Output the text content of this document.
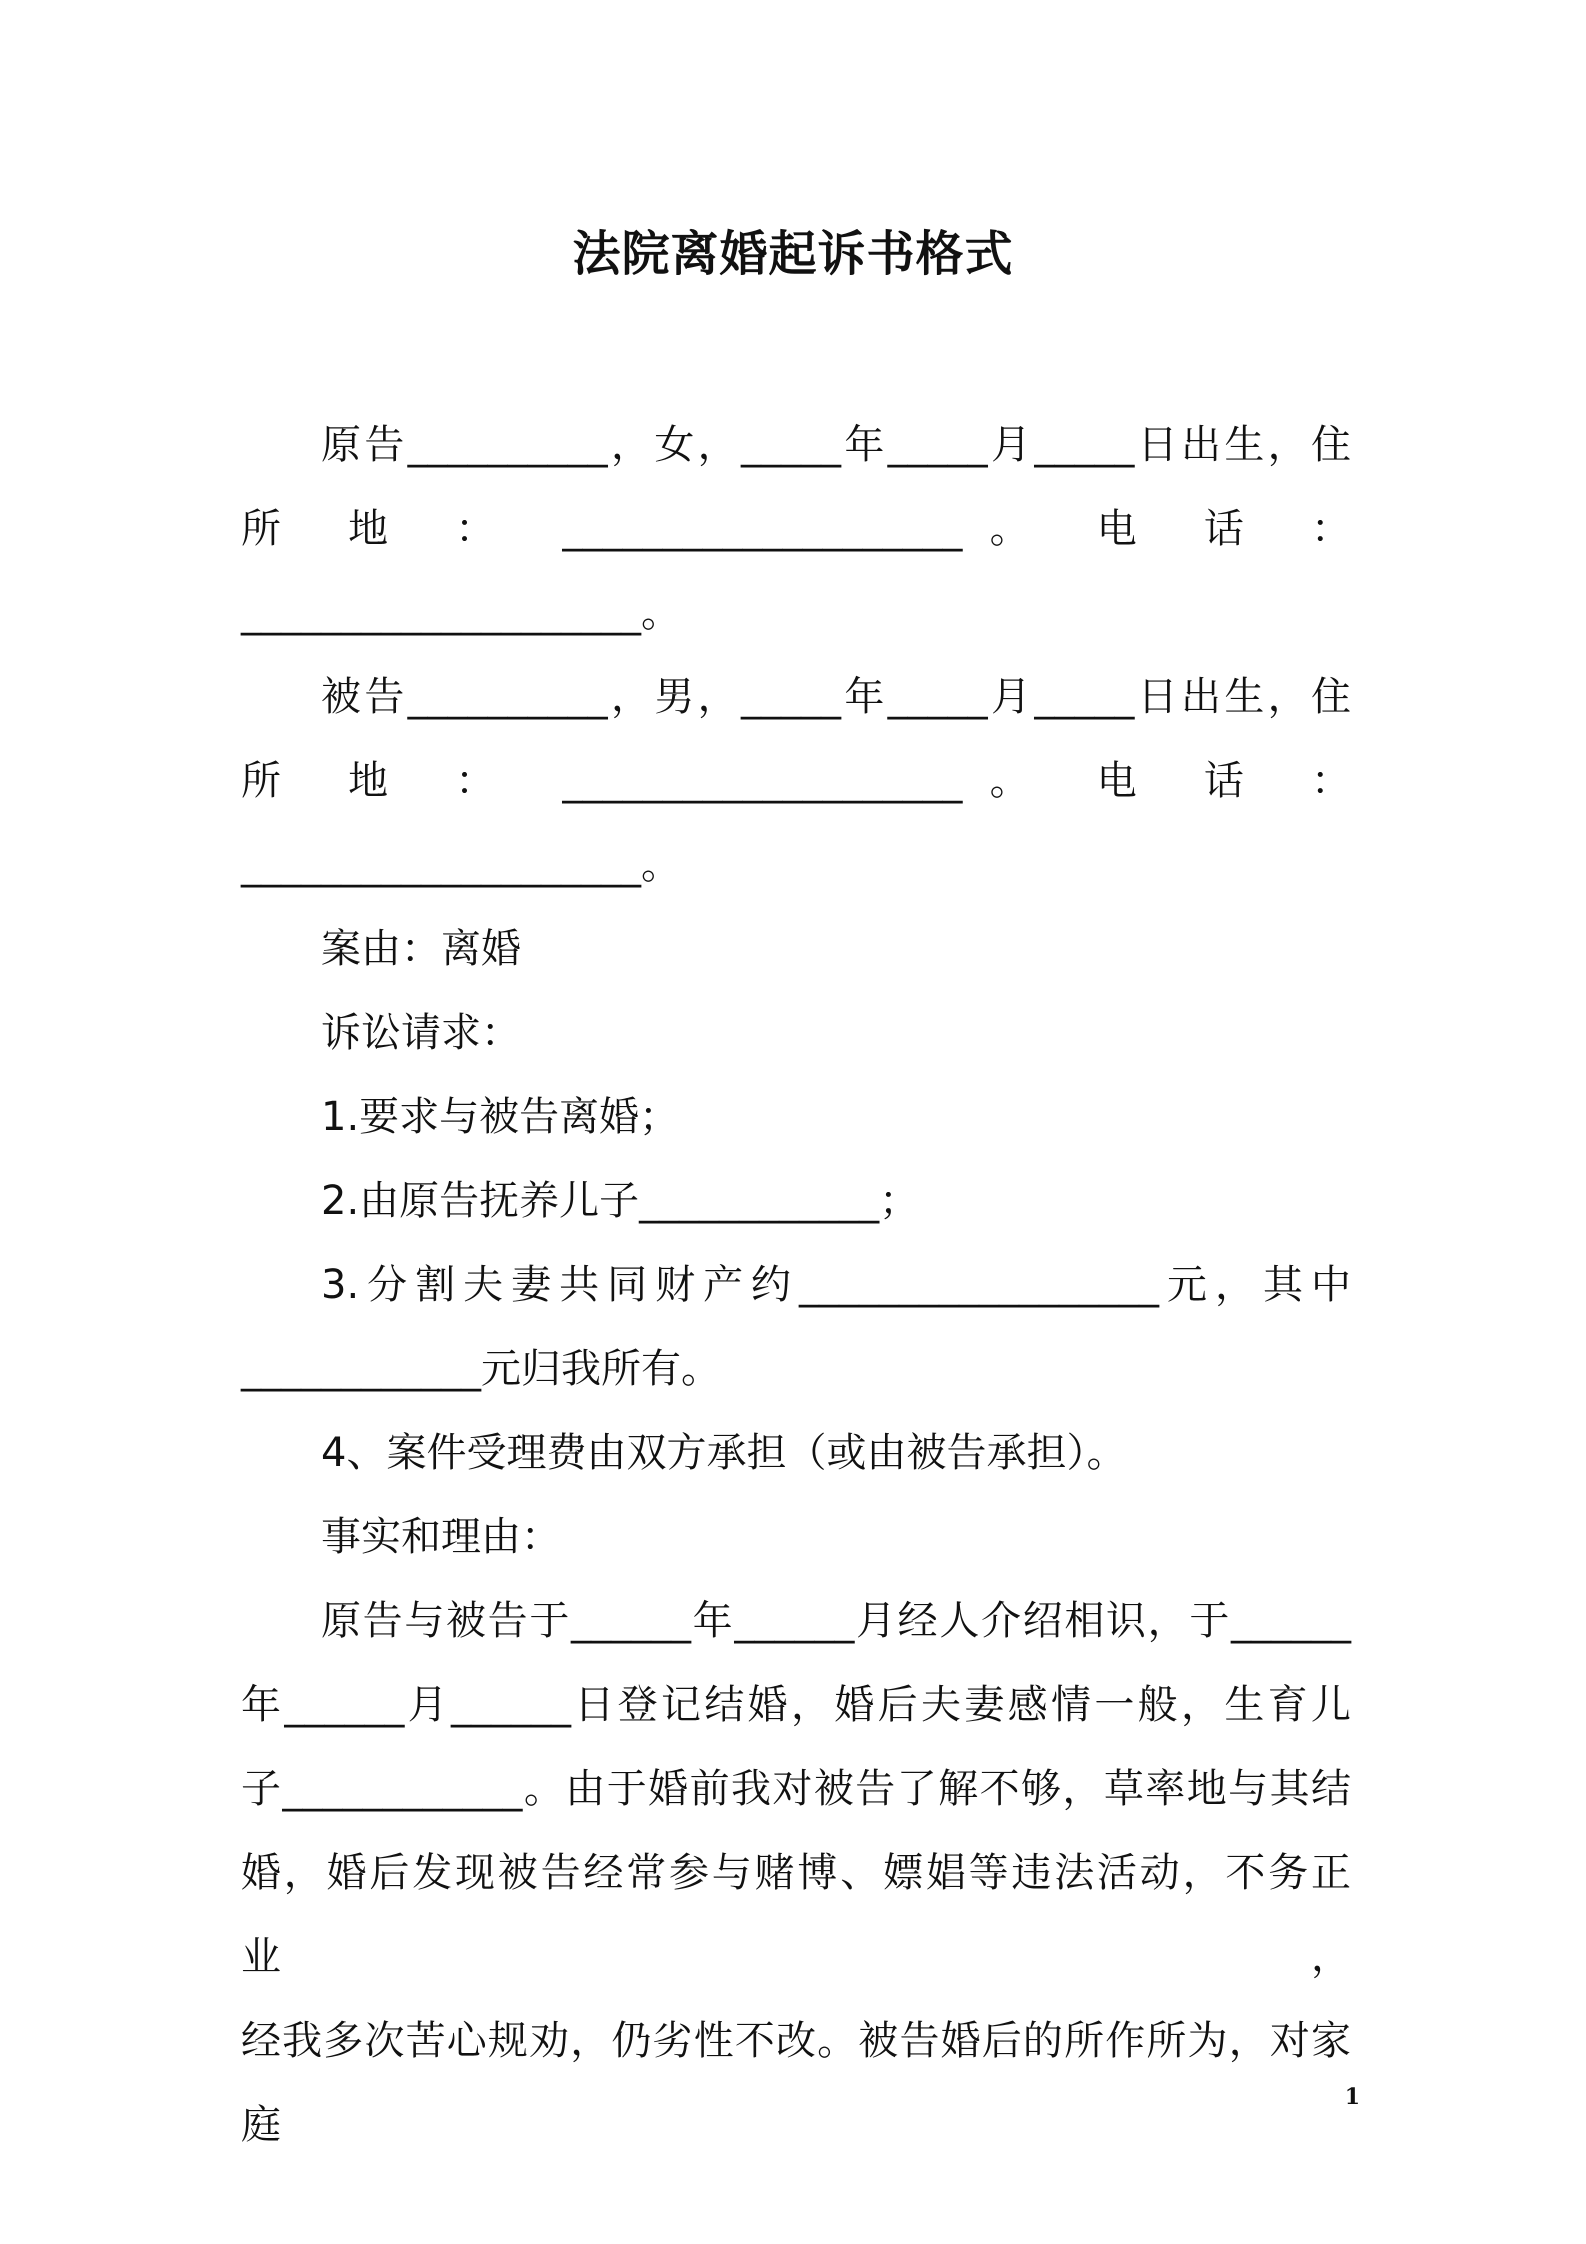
法院离婚起诉书格式

原告__________，女，_____年_____月_____日出生，住

所 地 ： ____________________。 电 话 ：

____________________。

被告__________，男，_____年_____月_____日出生，住

所 地 ： ____________________。 电 话 ：

____________________。

案由：离婚

诉讼请求：

1.要求与被告离婚；

2.由原告抚养儿子____________；

3.分割夫妻共同财产约__________________元，其中

____________元归我所有。

4、案件受理费由双方承担（或由被告承担）。

事实和理由：

原告与被告于______年______月经人介绍相识，于______

年______月______日登记结婚，婚后夫妻感情一般，生育儿

子____________。由于婚前我对被告了解不够，草率地与其结

婚，婚后发现被告经常参与赌博、嫖娼等违法活动，不务正业，

经我多次苦心规劝，仍劣性不改。被告婚后的所作所为，对家庭

1
